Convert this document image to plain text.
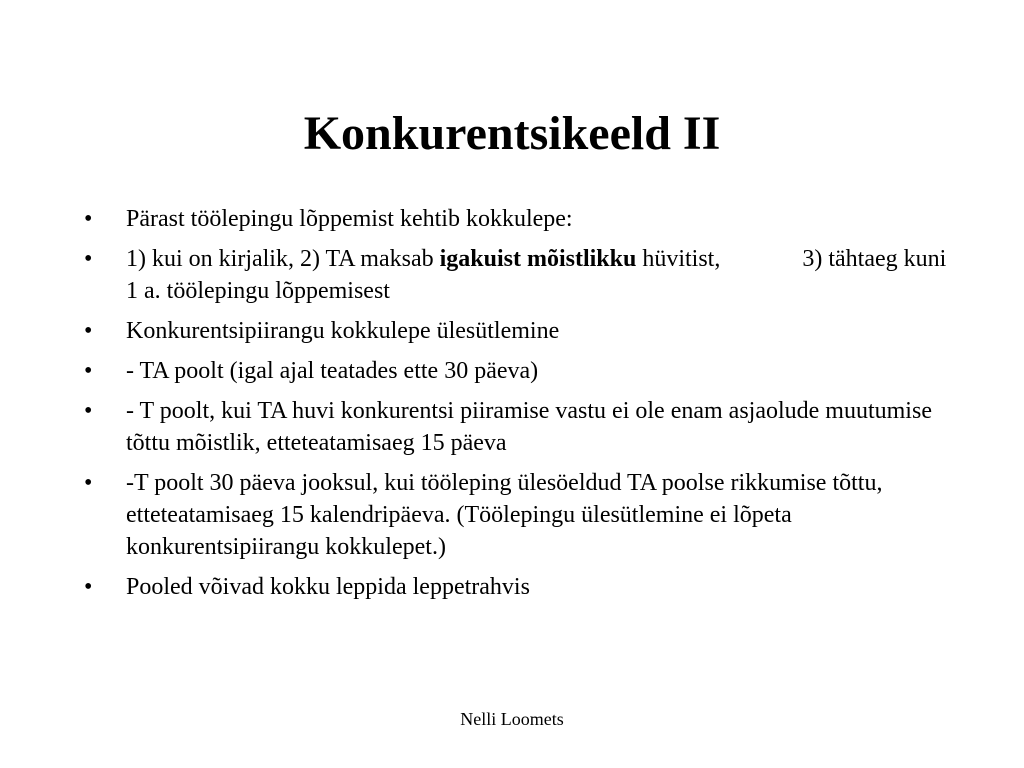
Konkurentsikeeld II
• Pärast töölepingu lõppemist kehtib kokkulepe:
• 1) kui on kirjalik, 2) TA maksab igakuist mõistlikku hüvitist,	3) tähtaeg kuni 1 a. töölepingu lõppemisest
• Konkurentsipiirangu kokkulepe ülesütlemine
• - TA poolt (igal ajal teatades ette 30 päeva)
• - T poolt, kui TA huvi konkurentsi piiramise vastu ei ole enam asjaolude muutumise tõttu mõistlik, etteteatamisaeg 15 päeva
• -T poolt 30 päeva jooksul, kui tööleping ülesöeldud TA poolse rikkumise tõttu, etteteatamisaeg 15 kalendripäeva. (Töölepingu ülesütlemine ei lõpeta konkurentsipiirangu kokkulepet.)
• Pooled võivad kokku leppida leppetrahvis
Nelli Loomets
